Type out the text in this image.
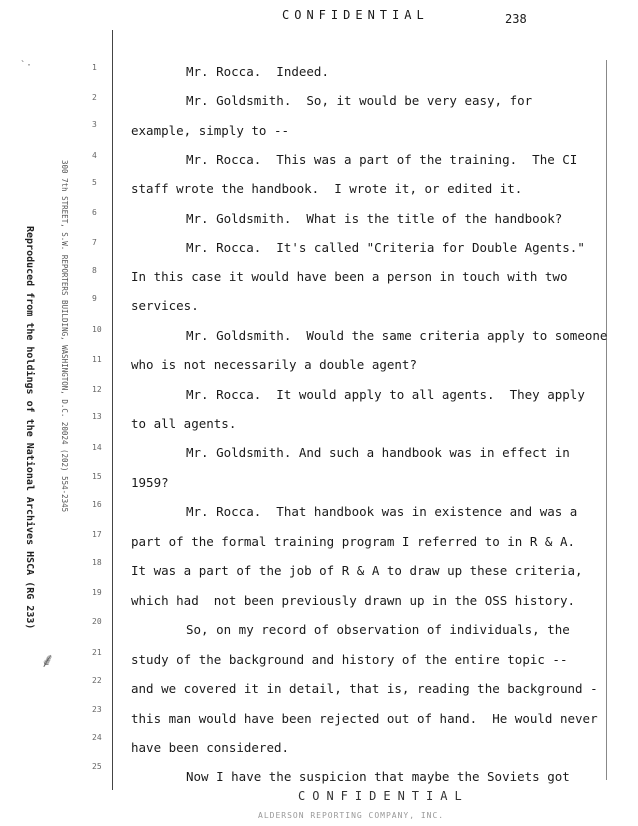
CONFIDENTIAL	238
Reproduced from the holdings of the National Archives HSCA (RG 233)	300 7th STREET, S.W. REPORTERS BUILDING, WASHINGTON, D.C. 20024 (202) 554-2345
1
2
3
4
5
6
7
8
9
10
11
12
13
14
15
16
17
18
19
20
21
22
23
24
25
Mr. Rocca.  Indeed.
Mr. Goldsmith.  So, it would be very easy, for
example, simply to --
Mr. Rocca.  This was a part of the training.  The CI
staff wrote the handbook.  I wrote it, or edited it.
Mr. Goldsmith.  What is the title of the handbook?
Mr. Rocca.  It's called "Criteria for Double Agents."
In this case it would have been a person in touch with two
services.
Mr. Goldsmith.  Would the same criteria apply to someone
who is not necessarily a double agent?
Mr. Rocca.  It would apply to all agents.  They apply
to all agents.
Mr. Goldsmith. And such a handbook was in effect in
1959?
Mr. Rocca.  That handbook was in existence and was a
part of the formal training program I referred to in R & A.
It was a part of the job of R & A to draw up these criteria,
which had  not been previously drawn up in the OSS history.
So, on my record of observation of individuals, the
study of the background and history of the entire topic --
and we covered it in detail, that is, reading the background -
this man would have been rejected out of hand.  He would never
have been considered.
Now I have the suspicion that maybe the Soviets got
`·
⸙
CONFIDENTIAL
ALDERSON REPORTING COMPANY, INC.
